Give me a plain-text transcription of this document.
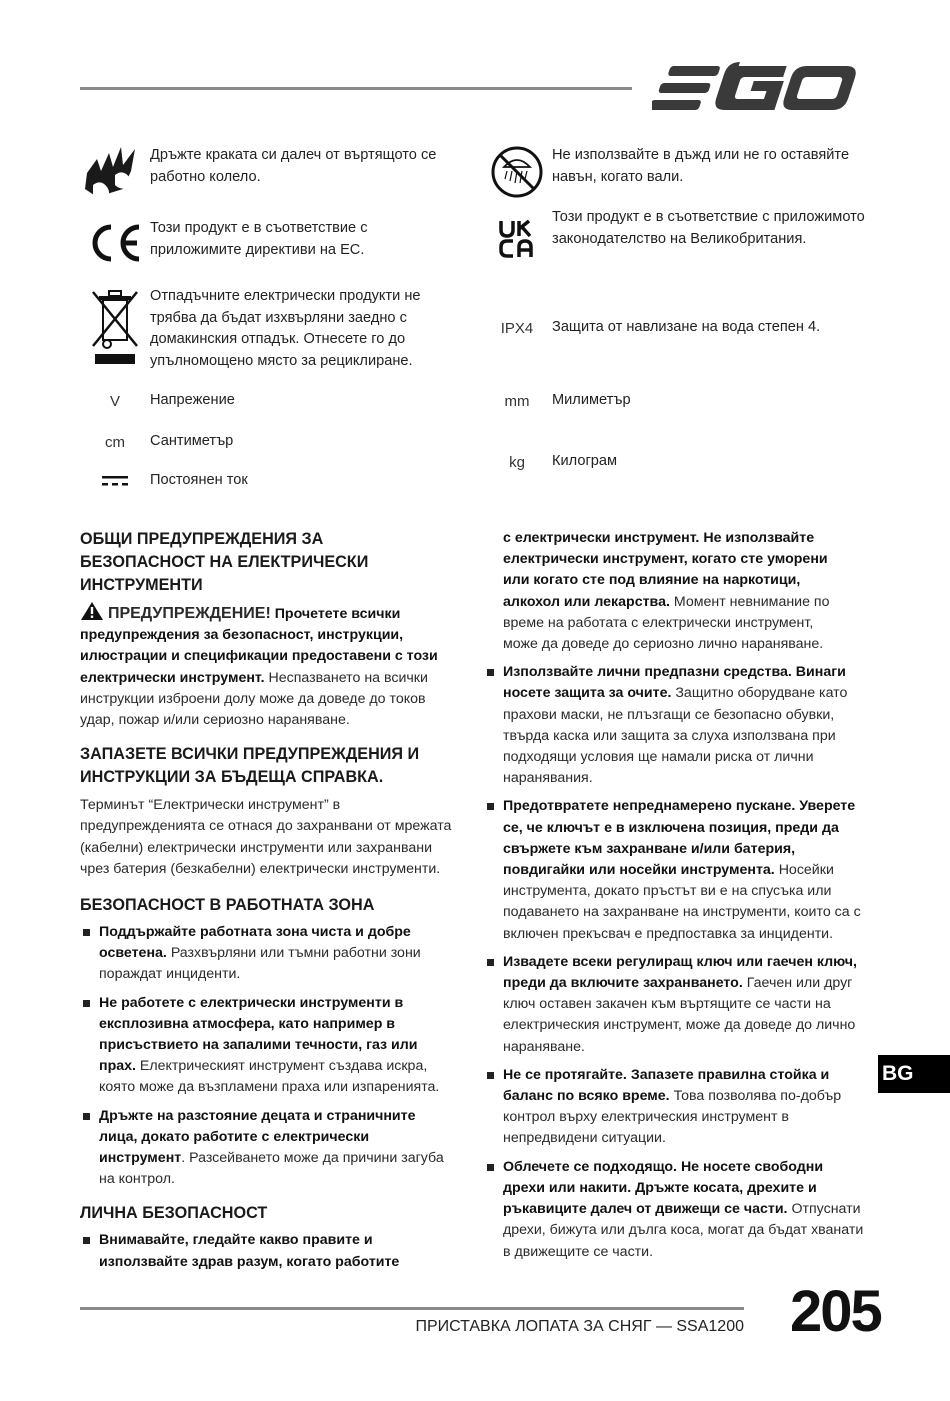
Дръжте краката си далеч от въртящото се работно колело.
Този продукт е в съответствие с приложимите директиви на ЕС.
Отпадъчните електрически продукти не трябва да бъдат изхвърляни заедно с домакинския отпадък. Отнесете го до упълномощено място за рециклиране.
V	Напрежение
cm	Сантиметър
Постоянен ток
Не използвайте в дъжд или не го оставяйте навън, когато вали.
Този продукт е в съответствие с приложимото законодателство на Великобритания.
IPX4	Защита от навлизане на вода степен 4.
mm	Милиметър
kg	Килограм

ОБЩИ ПРЕДУПРЕЖДЕНИЯ ЗА БЕЗОПАСНОСТ НА ЕЛЕКТРИЧЕСКИ ИНСТРУМЕНТИ

ПРЕДУПРЕЖДЕНИЕ! Прочетете всички предупреждения за безопасност, инструкции, илюстрации и спецификации предоставени с този електрически инструмент. Неспазването на всички инструкции изброени долу може да доведе до токов удар, пожар и/или сериозно нараняване.

ЗАПАЗЕТЕ ВСИЧКИ ПРЕДУПРЕЖДЕНИЯ И ИНСТРУКЦИИ ЗА БЪДЕЩА СПРАВКА.

Терминът “Електрически инструмент” в предупрежденията се отнася до захранвани от мрежата (кабелни) електрически инструменти или захранвани чрез батерия (безкабелни) електрически инструменти.

БЕЗОПАСНОСТ В РАБОТНАТА ЗОНА

Поддържайте работната зона чиста и добре осветена. Разхвърляни или тъмни работни зони пораждат инциденти.
Не работете с електрически инструменти в експлозивна атмосфера, като например в присъствието на запалими течности, газ или прах. Електрическият инструмент създава искра, която може да възпламени праха или изпаренията.
Дръжте на разстояние децата и страничните лица, докато работите с електрически инструмент. Разсейването може да причини загуба на контрол.

ЛИЧНА БЕЗОПАСНОСТ

Внимавайте, гледайте какво правите и използвайте здрав разум, когато работите

с електрически инструмент. Не използвайте електрически инструмент, когато сте уморени или когато сте под влияние на наркотици, алкохол или лекарства. Момент невнимание по време на работата с електрически инструмент, може да доведе до сериозно лично нараняване.

Използвайте лични предпазни средства. Винаги носете защита за очите. Защитно оборудване като прахови маски, не плъзгащи се безопасно обувки, твърда каска или защита за слуха използвана при подходящи условия ще намали риска от лични наранявания.
Предотвратете непреднамерено пускане. Уверете се, че ключът е в изключена позиция, преди да свържете към захранване и/или батерия, повдигайки или носейки инструмента. Носейки инструмента, докато пръстът ви е на спусъка или подаването на захранване на инструменти, които са с включен прекъсвач е предпоставка за инциденти.
Извадете всеки регулиращ ключ или гаечен ключ, преди да включите захранването. Гаечен или друг ключ оставен закачен към въртящите се части на електрическия инструмент, може да доведе до лично нараняване.
Не се протягайте. Запазете правилна стойка и баланс по всяко време. Това позволява по-добър контрол върху електрическия инструмент в непредвидени ситуации.
Облечете се подходящо. Не носете свободни дрехи или накити. Дръжте косата, дрехите и ръкавиците далеч от движещи се части. Отпуснати дрехи, бижута или дълга коса, могат да бъдат хванати в движещите се части.
BG
ПРИСТАВКА ЛОПАТА ЗА СНЯГ — SSA1200 205
